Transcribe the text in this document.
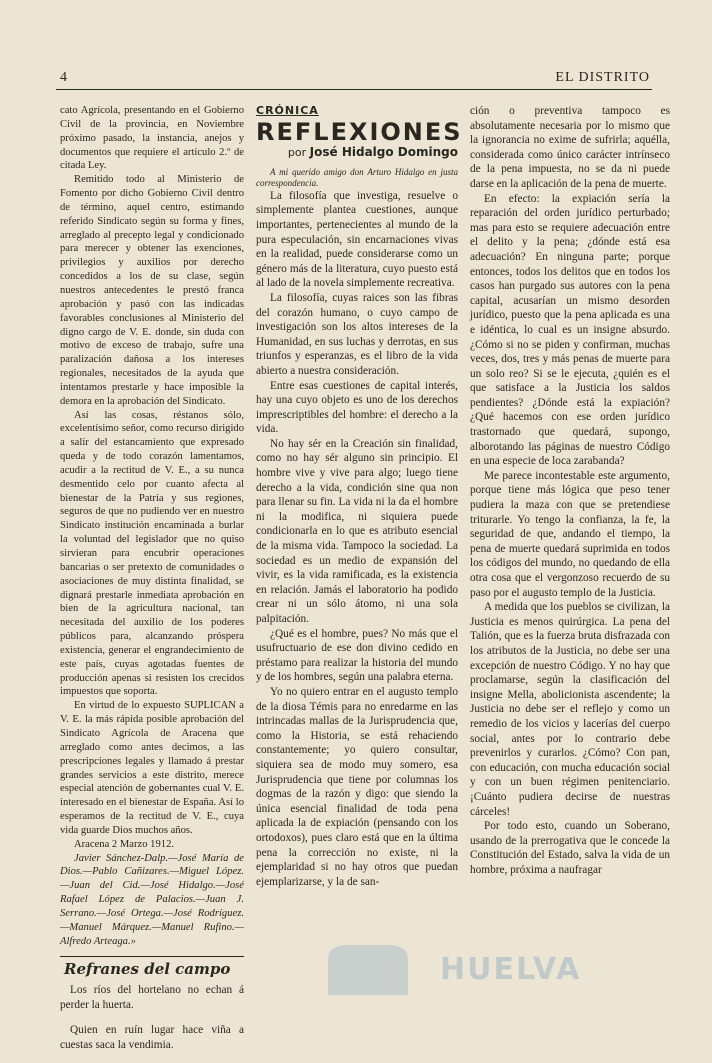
4	EL DISTRITO

cato Agrícola, presentando en el Gobierno Civil de la provincia, en Noviembre próximo pasado, la instancia, anejos y documentos que requiere el artículo 2.º de citada Ley.

Remitido todo al Ministerio de Fomento por dicho Gobierno Civil dentro de término, aquel centro, estimando referido Sindicato según su forma y fines, arreglado al precepto legal y condicionado para merecer y obtener las exenciones, privilegios y auxilios por derecho concedidos a los de su clase, según nuestros antecedentes le prestó franca aprobación y pasó con las indicadas favorables conclusiones al Ministerio del digno cargo de V. E. donde, sin duda con motivo de exceso de trabajo, sufre una paralización dañosa a los intereses regionales, necesitados de la ayuda que intentamos prestarle y hace imposible la demora en la aprobación del Sindicato.

Así las cosas, réstanos sólo, excelentísimo señor, como recurso dirigido a salir del estancamiento que expresado queda y de todo corazón lamentamos, acudir a la rectitud de V. E., a su nunca desmentido celo por cuanto afecta al bienestar de la Patria y sus regiones, seguros de que no pudiendo ver en nuestro Sindicato institución encaminada a burlar la voluntad del legislador que no quiso sirvieran para encubrir operaciones bancarias o ser pretexto de comunidades o asociaciones de muy distinta finalidad, se dignará prestarle inmediata aprobación en bien de la agricultura nacional, tan necesitada del auxilio de los poderes públicos para, alcanzando próspera existencia, generar el engrandecimiento de este país, cuyas agotadas fuentes de producción apenas si resisten los crecidos impuestos que soporta.

En virtud de lo expuesto SUPLICAN a V. E. la más rápida posible aprobación del Sindicato Agrícola de Aracena que arreglado como antes decimos, a las prescripciones legales y llamado á prestar grandes servicios a este distrito, merece especial atención de gobernantes cual V. E. interesado en el bienestar de España. Así lo esperamos de la rectitud de V. E., cuya vida guarde Dios muchos años.

Aracena 2 Marzo 1912.

Javier Sánchez-Dalp.—José María de Dios.—Pablo Cañizares.—Miguel López.—Juan del Cid.—José Hidalgo.—José Rafael López de Palacios.—Juan J. Serrano.—José Ortega.—José Rodríguez.—Manuel Márquez.—Manuel Rufino.—Alfredo Arteaga.»

Refranes del campo

Los ríos del hortelano no echan á perder la huerta.

Quien en ruín lugar hace viña a cuestas saca la vendimia.

CRÓNICA
REFLEXIONES
por José Hidalgo Domingo

A mi querido amigo don Arturo Hidalgo en justa correspondencia.

La filosofía que investiga, resuelve o simplemente plantea cuestiones, aunque importantes, pertenecientes al mundo de la pura especulación, sin encarnaciones vivas en la realidad, puede considerarse como un género más de la literatura, cuyo puesto está al lado de la novela simplemente recreativa.

La filosofía, cuyas raices son las fibras del corazón humano, o cuyo campo de investigación son los altos intereses de la Humanidad, en sus luchas y derrotas, en sus triunfos y esperanzas, es el libro de la vida abierto a nuestra consideración.

Entre esas cuestiones de capital interés, hay una cuyo objeto es uno de los derechos imprescriptibles del hombre: el derecho a la vida.

No hay sér en la Creación sin finalidad, como no hay sér alguno sin principio. El hombre vive y vive para algo; luego tiene derecho a la vida, condición sine qua non para llenar su fin. La vida ni la da el hombre ni la modifica, ni siquiera puede condicionarla en lo que es atributo esencial de la misma vida. Tampoco la sociedad. La sociedad es un medio de expansión del vivir, es la vida ramificada, es la existencia en relación. Jamás el laboratorio ha podido crear ni un sólo átomo, ni una sola palpitación.

¿Qué es el hombre, pues? No más que el usufructuario de ese don divino cedido en préstamo para realizar la historia del mundo y de los hombres, según una palabra eterna.

Yo no quiero entrar en el augusto templo de la diosa Témis para no enredarme en las intrincadas mallas de la Jurisprudencia que, como la Historia, se está rehaciendo constantemente; yo quiero consultar, siquiera sea de modo muy somero, esa Jurisprudencia que tiene por columnas los dogmas de la razón y digo: que siendo la única esencial finalidad de toda pena aplicada la de expiación (pensando con los ortodoxos), pues claro está que en la última pena la corrección no existe, ni la ejemplaridad si no hay otros que puedan ejemplarizarse, y la de san-

ción o preventiva tampoco es absolutamente necesaria por lo mismo que la ignorancia no exime de sufrirla; aquélla, considerada como único carácter intrínseco de la pena impuesta, no se da ni puede darse en la aplicación de la pena de muerte.

En efecto: la expiación sería la reparación del orden jurídico perturbado; mas para esto se requiere adecuación entre el delito y la pena; ¿dónde está esa adecuación? En ninguna parte; porque entonces, todos los delitos que en todos los casos han purgado sus autores con la pena capital, acusarían un mismo desorden jurídico, puesto que la pena aplicada es una e idéntica, lo cual es un insigne absurdo. ¿Cómo si no se piden y confirman, muchas veces, dos, tres y más penas de muerte para un solo reo? Si se le ejecuta, ¿quién es el que satisface a la Justicia los saldos pendientes? ¿Dónde está la expiación? ¿Qué hacemos con ese orden jurídico trastornado que quedará, supongo, alborotando las páginas de nuestro Código en una especie de loca zarabanda?

Me parece incontestable este argumento, porque tiene más lógica que peso tener pudiera la maza con que se pretendiese triturarle. Yo tengo la confianza, la fe, la seguridad de que, andando el tiempo, la pena de muerte quedará suprimida en todos los códigos del mundo, no quedando de ella otra cosa que el vergonzoso recuerdo de su paso por el augusto templo de la Justicia.

A medida que los pueblos se civilizan, la Justicia es menos quirúrgica. La pena del Talión, que es la fuerza bruta disfrazada con los atributos de la Justicia, no debe ser una excepción de nuestro Código. Y no hay que proclamarse, según la clasificación del insigne Mella, abolicionista ascendente; la Justicia no debe ser el reflejo y como un remedio de los vicios y lacerías del cuerpo social, antes por lo contrario debe prevenirlos y curarlos. ¿Cómo? Con pan, con educación, con mucha educación social y con un buen régimen penitenciario. ¡Cuánto pudiera decirse de nuestras cárceles!

Por todo esto, cuando un Soberano, usando de la prerrogativa que le concede la Constitución del Estado, salva la vida de un hombre, próxima a naufragar

HUELVA
